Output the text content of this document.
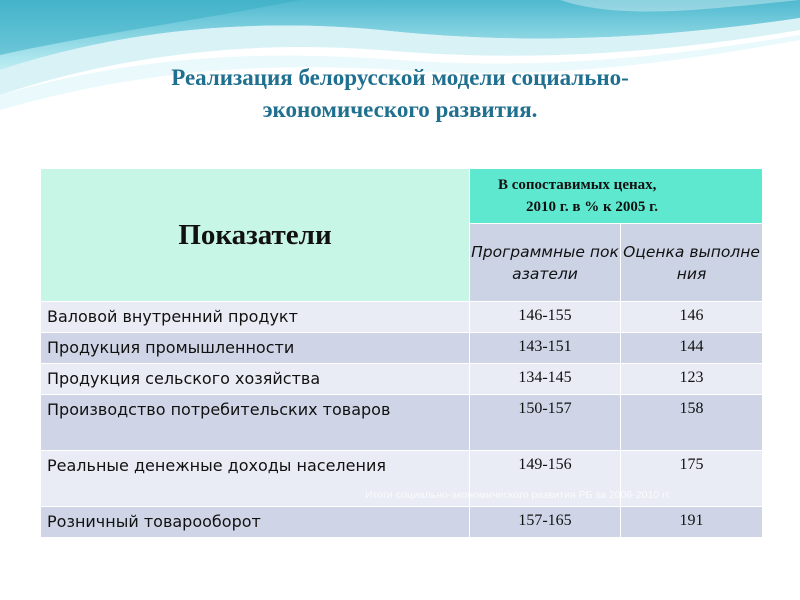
Реализация белорусской модели социально-
экономического развития.
Показатели	В сопоставимых ценах,
2010 г. в % к 2005 г.	

	Программные показатели	Оценка выполнения
Валовой внутренний продукт	146-155	146
Продукция промышленности	143-151	144
Продукция сельского хозяйства	134-145	123
Производство потребительских товаров	150-157	158
Реальные денежные доходы населения	149-156	175
Розничный товарооборот	157-165	191
Итоги социально-экономического развития РБ за 2006-2010 гг.
